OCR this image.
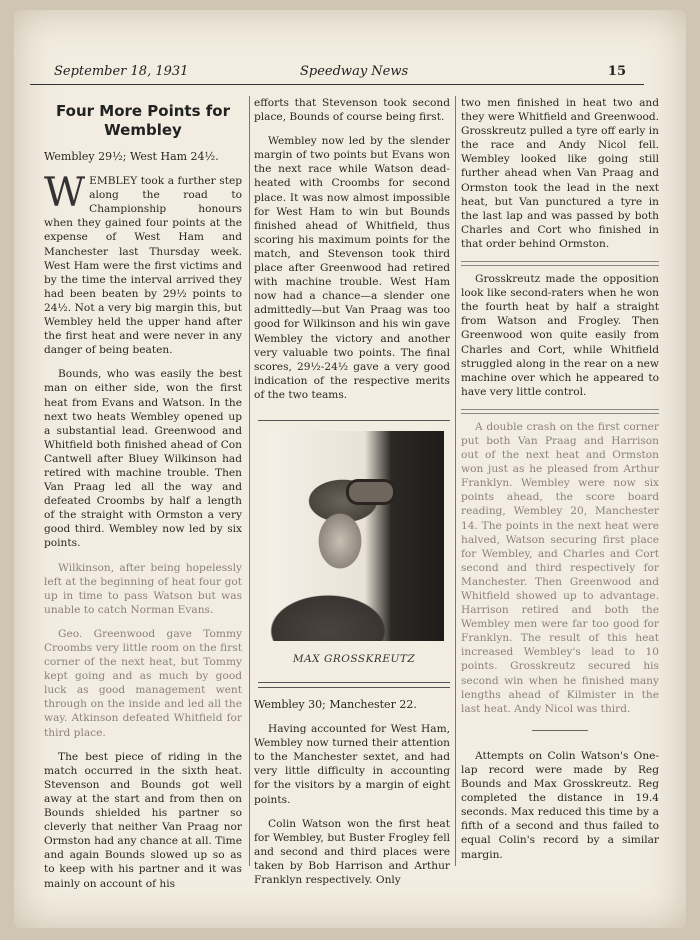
September 18, 1931	Speedway News	15
Four More Points for Wembley

Wembley 29½; West Ham 24½.

WEMBLEY took a further step along the road to Championship honours when they gained four points at the expense of West Ham and Manchester last Thursday week. West Ham were the first victims and by the time the interval arrived they had been beaten by 29½ points to 24½. Not a very big margin this, but Wembley held the upper hand after the first heat and were never in any danger of being beaten.

Bounds, who was easily the best man on either side, won the first heat from Evans and Watson. In the next two heats Wembley opened up a substantial lead. Greenwood and Whitfield both finished ahead of Con Cantwell after Bluey Wilkinson had retired with machine trouble. Then Van Praag led all the way and defeated Croombs by half a length of the straight with Ormston a very good third. Wembley now led by six points.

Wilkinson, after being hopelessly left at the beginning of heat four got up in time to pass Watson but was unable to catch Norman Evans.

Geo. Greenwood gave Tommy Croombs very little room on the first corner of the next heat, but Tommy kept going and as much by good luck as good management went through on the inside and led all the way. Atkinson defeated Whitfield for third place.

The best piece of riding in the match occurred in the sixth heat. Stevenson and Bounds got well away at the start and from then on Bounds shielded his partner so cleverly that neither Van Praag nor Ormston had any chance at all. Time and again Bounds slowed up so as to keep with his partner and it was mainly on account of his

efforts that Stevenson took second place, Bounds of course being first.

Wembley now led by the slender margin of two points but Evans won the next race while Watson dead-heated with Croombs for second place. It was now almost impossible for West Ham to win but Bounds finished ahead of Whitfield, thus scoring his maximum points for the match, and Stevenson took third place after Greenwood had retired with machine trouble. West Ham now had a chance—a slender one admittedly—but Van Praag was too good for Wilkinson and his win gave Wembley the victory and another very valuable two points. The final scores, 29½-24½ gave a very good indication of the respective merits of the two teams.

MAX GROSSKREUTZ

Wembley 30; Manchester 22.

Having accounted for West Ham, Wembley now turned their attention to the Manchester sextet, and had very little difficulty in accounting for the visitors by a margin of eight points.

Colin Watson won the first heat for Wembley, but Buster Frogley fell and second and third places were taken by Bob Harrison and Arthur Franklyn respectively. Only

two men finished in heat two and they were Whitfield and Greenwood. Grosskreutz pulled a tyre off early in the race and Andy Nicol fell. Wembley looked like going still further ahead when Van Praag and Ormston took the lead in the next heat, but Van punctured a tyre in the last lap and was passed by both Charles and Cort who finished in that order behind Ormston.

Grosskreutz made the opposition look like second-raters when he won the fourth heat by half a straight from Watson and Frogley. Then Greenwood won quite easily from Charles and Cort, while Whitfield struggled along in the rear on a new machine over which he appeared to have very little control.

A double crash on the first corner put both Van Praag and Harrison out of the next heat and Ormston won just as he pleased from Arthur Franklyn. Wembley were now six points ahead, the score board reading, Wembley 20, Manchester 14. The points in the next heat were halved, Watson securing first place for Wembley, and Charles and Cort second and third respectively for Manchester. Then Greenwood and Whitfield showed up to advantage. Harrison retired and both the Wembley men were far too good for Franklyn. The result of this heat increased Wembley's lead to 10 points. Grosskreutz secured his second win when he finished many lengths ahead of Kilmister in the last heat. Andy Nicol was third.

Attempts on Colin Watson's One-lap record were made by Reg Bounds and Max Grosskreutz. Reg completed the distance in 19.4 seconds. Max reduced this time by a fifth of a second and thus failed to equal Colin's record by a similar margin.
